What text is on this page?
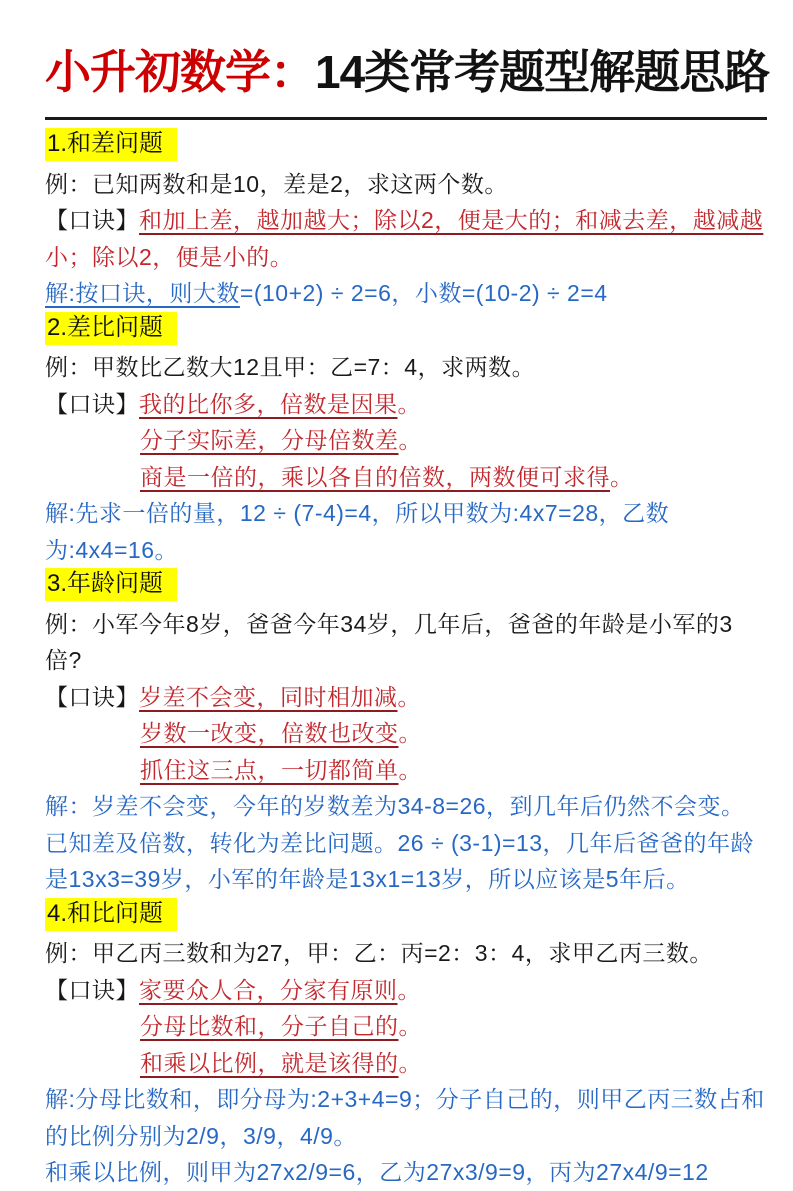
小升初数学：14类常考题型解题思路
1.和差问题
例：已知两数和是10，差是2，求这两个数。
【口诀】和加上差，越加越大；除以2，便是大的；和减去差，越减越小；除以2，便是小的。
解:按口诀，则大数=(10+2) ÷ 2=6，小数=(10-2) ÷ 2=4
2.差比问题
例：甲数比乙数大12且甲：乙=7：4，求两数。
【口诀】我的比你多，倍数是因果。
分子实际差，分母倍数差。
商是一倍的，乘以各自的倍数，两数便可求得。
解:先求一倍的量，12 ÷ (7-4)=4，所以甲数为:4x7=28，乙数为:4x4=16。
3.年龄问题
例：小军今年8岁，爸爸今年34岁，几年后，爸爸的年龄是小军的3倍?
【口诀】岁差不会变，同时相加减。
岁数一改变，倍数也改变。
抓住这三点，一切都简单。
解：岁差不会变，今年的岁数差为34-8=26，到几年后仍然不会变。已知差及倍数，转化为差比问题。26 ÷ (3-1)=13，几年后爸爸的年龄是13x3=39岁，小军的年龄是13x1=13岁，所以应该是5年后。
4.和比问题
例：甲乙丙三数和为27，甲：乙：丙=2：3：4，求甲乙丙三数。
【口诀】家要众人合，分家有原则。
分母比数和，分子自己的。
和乘以比例，就是该得的。
解:分母比数和，即分母为:2+3+4=9；分子自己的，则甲乙丙三数占和的比例分别为2/9，3/9，4/9。
和乘以比例，则甲为27x2/9=6，乙为27x3/9=9，丙为27x4/9=12
